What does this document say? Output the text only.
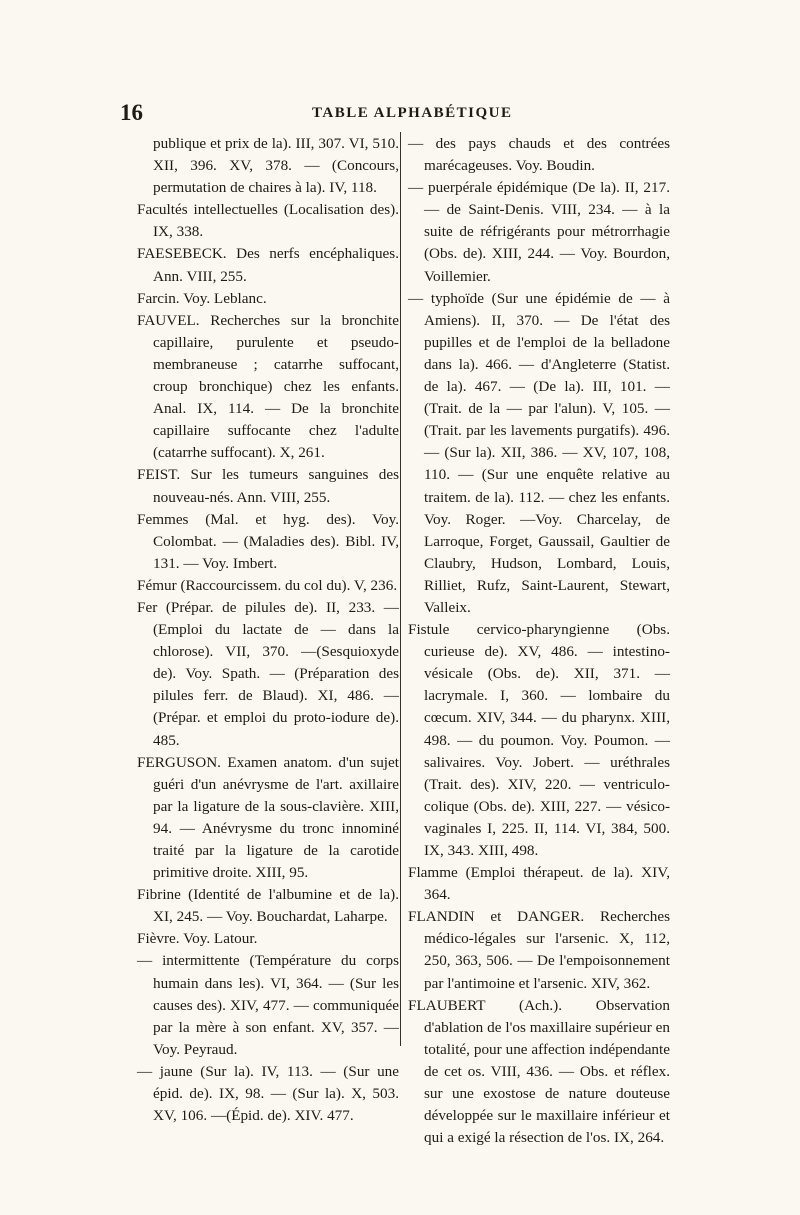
16	TABLE ALPHABÉTIQUE

publique et prix de la). III, 307. VI, 510. XII, 396. XV, 378. — (Concours, permutation de chaires à la). IV, 118.

Facultés intellectuelles (Localisation des). IX, 338.

FAESEBECK. Des nerfs encéphaliques. Ann. VIII, 255.

Farcin. Voy. Leblanc.

FAUVEL. Recherches sur la bronchite capillaire, purulente et pseudo-membraneuse ; catarrhe suffocant, croup bronchique) chez les enfants. Anal. IX, 114. — De la bronchite capillaire suffocante chez l'adulte (catarrhe suffocant). X, 261.

FEIST. Sur les tumeurs sanguines des nouveau-nés. Ann. VIII, 255.

Femmes (Mal. et hyg. des). Voy. Colombat. — (Maladies des). Bibl. IV, 131. — Voy. Imbert.

Fémur (Raccourcissem. du col du). V, 236.

Fer (Prépar. de pilules de). II, 233. — (Emploi du lactate de — dans la chlorose). VII, 370. —(Sesquioxyde de). Voy. Spath. — (Préparation des pilules ferr. de Blaud). XI, 486. — (Prépar. et emploi du proto-iodure de). 485.

FERGUSON. Examen anatom. d'un sujet guéri d'un anévrysme de l'art. axillaire par la ligature de la sous-clavière. XIII, 94. — Anévrysme du tronc innominé traité par la ligature de la carotide primitive droite. XIII, 95.

Fibrine (Identité de l'albumine et de la). XI, 245. — Voy. Bouchardat, Laharpe.

Fièvre. Voy. Latour.

— intermittente (Température du corps humain dans les). VI, 364. — (Sur les causes des). XIV, 477. — communiquée par la mère à son enfant. XV, 357. —Voy. Peyraud.

— jaune (Sur la). IV, 113. — (Sur une épid. de). IX, 98. — (Sur la). X, 503. XV, 106. —(Épid. de). XIV. 477.

— des pays chauds et des contrées marécageuses. Voy. Boudin.

— puerpérale épidémique (De la). II, 217. — de Saint-Denis. VIII, 234. — à la suite de réfrigérants pour métrorrhagie (Obs. de). XIII, 244. — Voy. Bourdon, Voillemier.

— typhoïde (Sur une épidémie de — à Amiens). II, 370. — De l'état des pupilles et de l'emploi de la belladone dans la). 466. — d'Angleterre (Statist. de la). 467. — (De la). III, 101. — (Trait. de la — par l'alun). V, 105. — (Trait. par les lavements purgatifs). 496. — (Sur la). XII, 386. — XV, 107, 108, 110. — (Sur une enquête relative au traitem. de la). 112. — chez les enfants. Voy. Roger. —Voy. Charcelay, de Larroque, Forget, Gaussail, Gaultier de Claubry, Hudson, Lombard, Louis, Rilliet, Rufz, Saint-Laurent, Stewart, Valleix.

Fistule cervico-pharyngienne (Obs. curieuse de). XV, 486. — intestino-vésicale (Obs. de). XII, 371. — lacrymale. I, 360. — lombaire du cœcum. XIV, 344. — du pharynx. XIII, 498. — du poumon. Voy. Poumon. — salivaires. Voy. Jobert. — uréthrales (Trait. des). XIV, 220. — ventriculo-colique (Obs. de). XIII, 227. — vésico-vaginales I, 225. II, 114. VI, 384, 500. IX, 343. XIII, 498.

Flamme (Emploi thérapeut. de la). XIV, 364.

FLANDIN et DANGER. Recherches médico-légales sur l'arsenic. X, 112, 250, 363, 506. — De l'empoisonnement par l'antimoine et l'arsenic. XIV, 362.

FLAUBERT (Ach.). Observation d'ablation de l'os maxillaire supérieur en totalité, pour une affection indépendante de cet os. VIII, 436. — Obs. et réflex. sur une exostose de nature douteuse développée sur le maxillaire inférieur et qui a exigé la résection de l'os. IX, 264.
